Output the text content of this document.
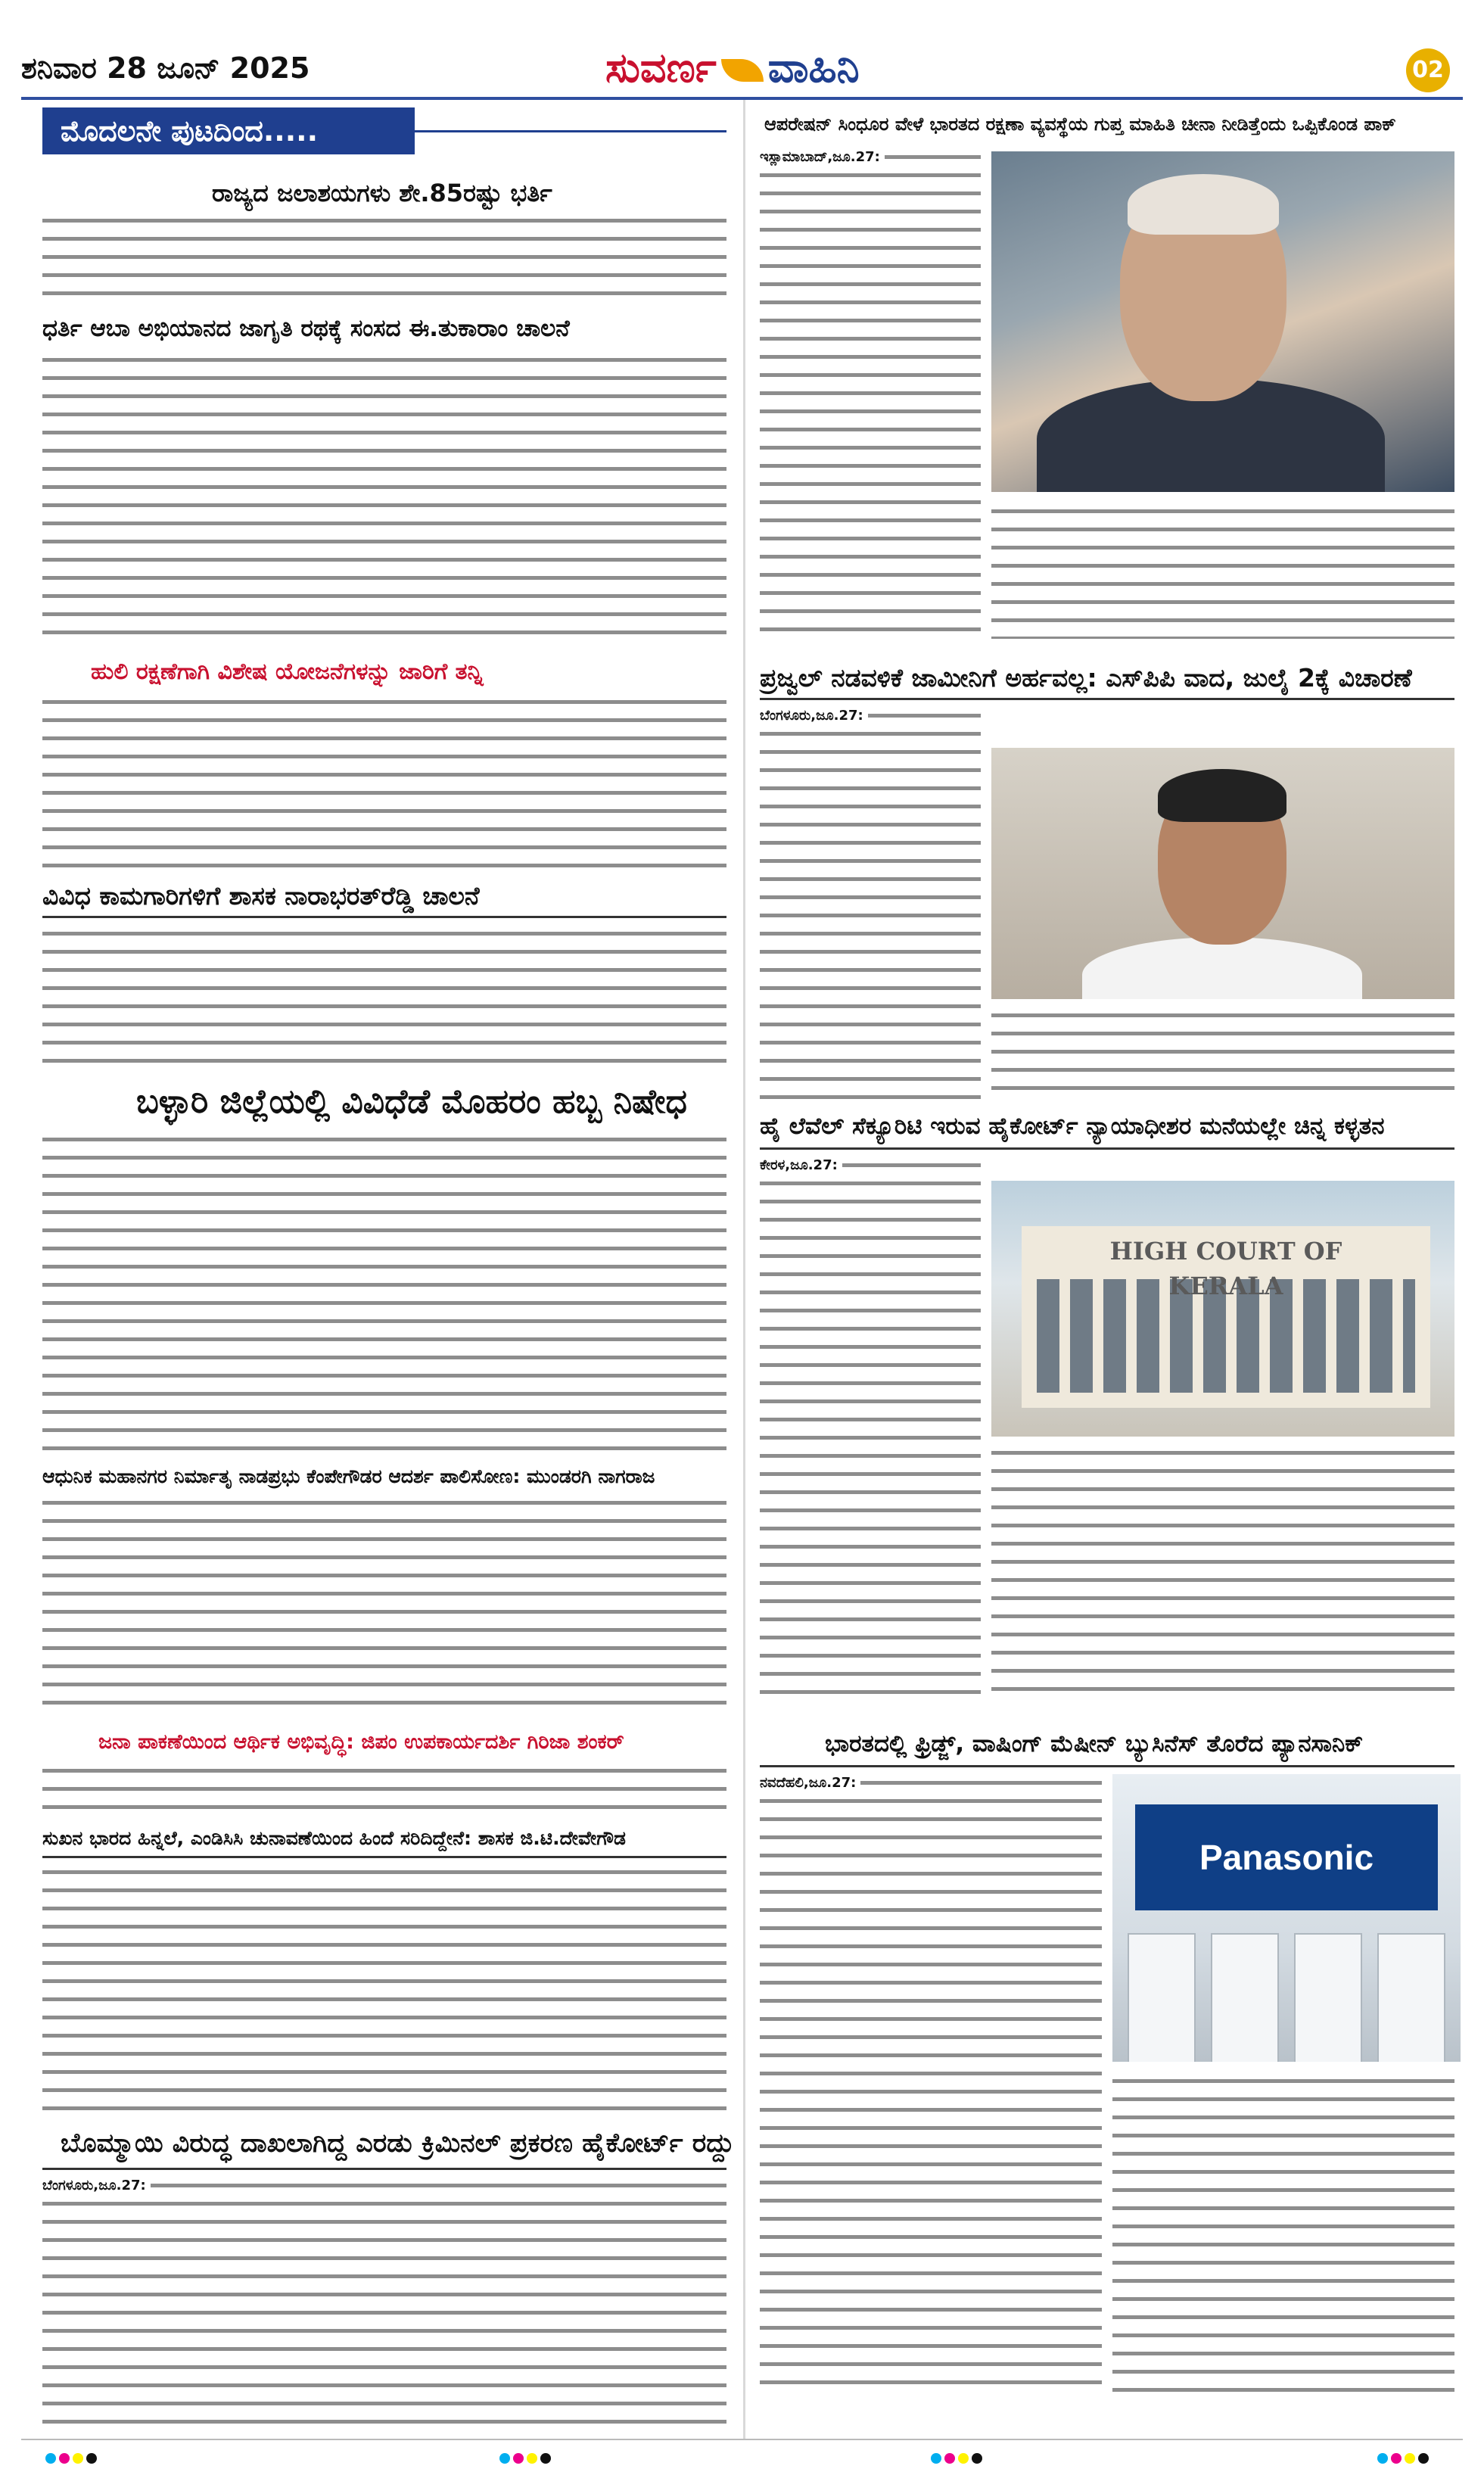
ಶನಿವಾರ 28 ಜೂನ್ 2025	ಸುವರ್ಣ ವಾಹಿನಿ	02
ಮೊದಲನೇ ಪುಟದಿಂದ.....
ರಾಜ್ಯದ ಜಲಾಶಯಗಳು ಶೇ.85ರಷ್ಟು ಭರ್ತಿ
ಧರ್ತಿ ಆಬಾ ಅಭಿಯಾನದ ಜಾಗೃತಿ ರಥಕ್ಕೆ ಸಂಸದ ಈ.ತುಕಾರಾಂ ಚಾಲನೆ
ಹುಲಿ ರಕ್ಷಣೆಗಾಗಿ ವಿಶೇಷ ಯೋಜನೆಗಳನ್ನು ಜಾರಿಗೆ ತನ್ನಿ
ವಿವಿಧ ಕಾಮಗಾರಿಗಳಿಗೆ ಶಾಸಕ ನಾರಾಭರತ್‌ರೆಡ್ಡಿ ಚಾಲನೆ
ಬಳ್ಳಾರಿ ಜಿಲ್ಲೆಯಲ್ಲಿ ವಿವಿಧೆಡೆ ಮೊಹರಂ ಹಬ್ಬ ನಿಷೇಧ
ಆಧುನಿಕ ಮಹಾನಗರ ನಿರ್ಮಾತೃ ನಾಡಪ್ರಭು ಕೆಂಪೇಗೌಡರ ಆದರ್ಶ ಪಾಲಿಸೋಣ: ಮುಂಡರಗಿ ನಾಗರಾಜ
ಜನಾ ಪಾಕಣೆಯಿಂದ ಆರ್ಥಿಕ ಅಭಿವೃದ್ಧಿ: ಜಿಪಂ ಉಪಕಾರ್ಯದರ್ಶಿ ಗಿರಿಜಾ ಶಂಕರ್
ಸುಖನ ಭಾರದ ಹಿನ್ನಲೆ, ಎಂಡಿಸಿಸಿ ಚುನಾವಣೆಯಿಂದ ಹಿಂದೆ ಸರಿದಿದ್ದೇನೆ: ಶಾಸಕ ಜಿ.ಟಿ.ದೇವೇಗೌಡ
ಬೊಮ್ಮಾಯಿ ವಿರುದ್ಧ ದಾಖಲಾಗಿದ್ದ ಎರಡು ಕ್ರಿಮಿನಲ್ ಪ್ರಕರಣ ಹೈಕೋರ್ಟ್ ರದ್ದು
ಬೆಂಗಳೂರು,ಜೂ.27:
ಆಪರೇಷನ್ ಸಿಂಧೂರ ವೇಳೆ ಭಾರತದ ರಕ್ಷಣಾ ವ್ಯವಸ್ಥೆಯ ಗುಪ್ತ ಮಾಹಿತಿ ಚೀನಾ ನೀಡಿತ್ತೆಂದು ಒಪ್ಪಿಕೊಂಡ ಪಾಕ್
ಇಸ್ಲಾಮಾಬಾದ್,ಜೂ.27:
ಪ್ರಜ್ವಲ್ ನಡವಳಿಕೆ ಜಾಮೀನಿಗೆ ಅರ್ಹವಲ್ಲ: ಎಸ್‌ಪಿಪಿ ವಾದ, ಜುಲೈ 2ಕ್ಕೆ ವಿಚಾರಣೆ
ಬೆಂಗಳೂರು,ಜೂ.27:
ಹೈ ಲೆವೆಲ್ ಸೆಕ್ಯೂರಿಟಿ ಇರುವ ಹೈಕೋರ್ಟ್ ನ್ಯಾಯಾಧೀಶರ ಮನೆಯಲ್ಲೇ ಚಿನ್ನ ಕಳ್ಳತನ
ಕೇರಳ,ಜೂ.27:
HIGH COURT OF KERALA
ಭಾರತದಲ್ಲಿ ಫ್ರಿಡ್ಜ್, ವಾಷಿಂಗ್ ಮೆಷೀನ್ ಬ್ಯುಸಿನೆಸ್ ತೊರೆದ ಪ್ಯಾನಸಾನಿಕ್
ನವದೆಹಲಿ,ಜೂ.27:
Panasonic
